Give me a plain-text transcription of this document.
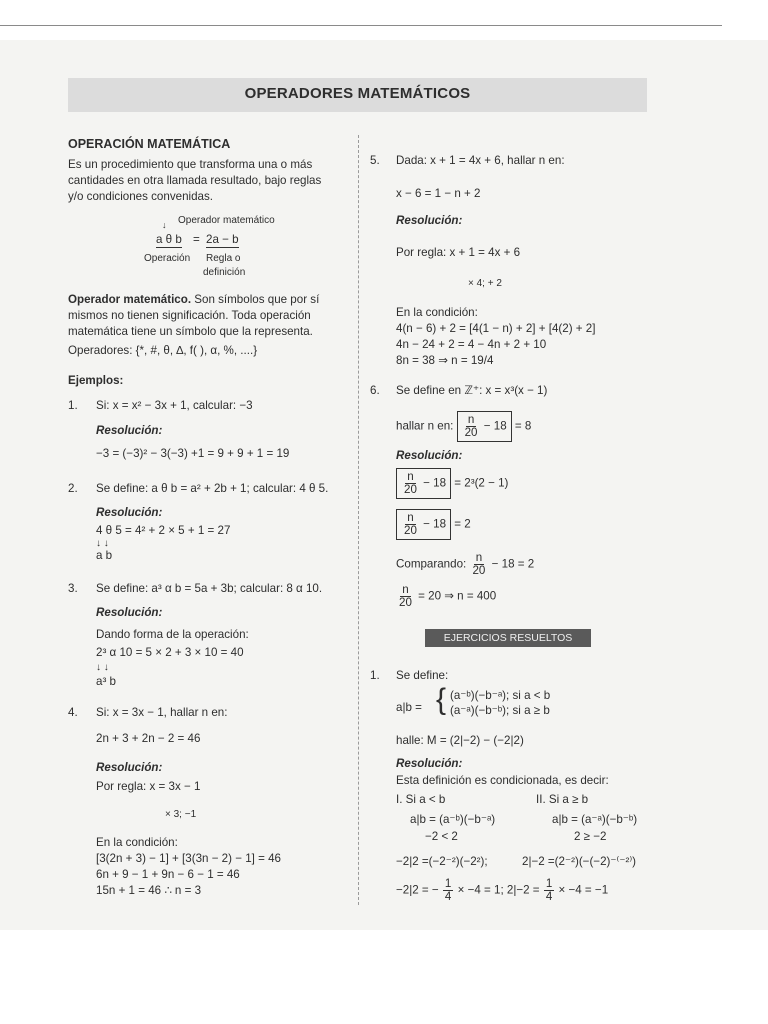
OPERADORES MATEMÁTICOS
OPERACIÓN MATEMÁTICA
Es un procedimiento que transforma una o más
cantidades en otra llamada resultado, bajo reglas
y/o condiciones convenidas.
Operador matemático
↓
a θ b = 2a − b
Operación Regla o
definición
Operador matemático. Son símbolos que por sí
mismos no tienen significación. Toda operación
matemática tiene un símbolo que la representa.
Operadores: {*, #, θ, ∆, f( ), α, %, ....}
Ejemplos:
1. Si: x = x² − 3x + 1, calcular: −3
Resolución:
−3 = (−3)² − 3(−3) +1 = 9 + 9 + 1 = 19
2. Se define: a θ b = a² + 2b + 1; calcular: 4 θ 5.
Resolución:
4 θ 5 = 4² + 2 × 5 + 1 = 27
↓ ↓
a b
3. Se define: a³ α b = 5a + 3b; calcular: 8 α 10.
Resolución:
Dando forma de la operación:
2³ α 10 = 5 × 2 + 3 × 10 = 40
↓ ↓
a³ b
4. Si: x = 3x − 1, hallar n en:
2n + 3 + 2n − 2 = 46
Resolución:
Por regla: x = 3x − 1
× 3; −1
En la condición:
[3(2n + 3) − 1] + [3(3n − 2) − 1] = 46
6n + 9 − 1 + 9n − 6 − 1 = 46
15n + 1 = 46 ∴ n = 3
5. Dada: x + 1 = 4x + 6, hallar n en:
x − 6 = 1 − n + 2
Resolución:
Por regla: x + 1 = 4x + 6
× 4; + 2
En la condición:
4(n − 6) + 2 = [4(1 − n) + 2] + [4(2) + 2]
4n − 24 + 2 = 4 − 4n + 2 + 10
8n = 38 ⇒ n = 19/4
6. Se define en ℤ⁺: x = x³(x − 1)
hallar n en: $\frac{n}{20} - 18 = 8$
Resolución:
$\frac{n}{20} - 18 = 2^3(2 - 1)$
$\frac{n}{20} - 18 = 2$
Comparando: $\frac{n}{20} - 18 = 2$
$\frac{n}{20} = 20$ ⇒ n = 400
EJERCICIOS RESUELTOS
1. Se define:
a|b = { (a⁻ᵇ)(−b⁻ᵃ); si a < b
(a⁻ᵃ)(−b⁻ᵇ); si a ≥ b
halle: M = (2|−2) − (−2|2)
Resolución:
Esta definición es condicionada, es decir:
I. Si a < b	II. Si a ≥ b
a|b = (a⁻ᵇ)(−b⁻ᵃ)	a|b = (a⁻ᵃ)(−b⁻ᵇ)
−2 < 2	2 ≥ −2
−2|2 =(−2⁻²)(−2²);	2|−2 =(2⁻²)(−(−2)⁻⁽⁻²⁾)
−2|2 = − $\frac{1}{4} \times -4 = 1$; $2|-2 = \frac{1}{4} \times -4 = -1$
